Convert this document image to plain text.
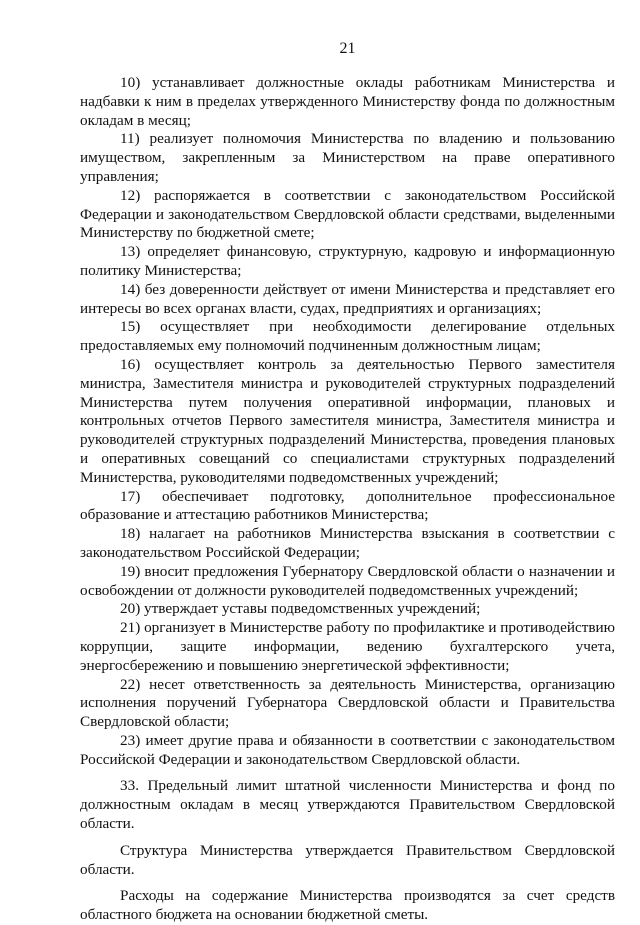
21

10) устанавливает должностные оклады работникам Министерства и надбавки к ним в пределах утвержденного Министерству фонда по должностным окладам в месяц;

11) реализует полномочия Министерства по владению и пользованию имуществом, закрепленным за Министерством на праве оперативного управления;

12) распоряжается в соответствии с законодательством Российской Федерации и законодательством Свердловской области средствами, выделенными Министерству по бюджетной смете;

13) определяет финансовую, структурную, кадровую и информационную политику Министерства;

14) без доверенности действует от имени Министерства и представляет его интересы во всех органах власти, судах, предприятиях и организациях;

15) осуществляет при необходимости делегирование отдельных предоставляемых ему полномочий подчиненным должностным лицам;

16) осуществляет контроль за деятельностью Первого заместителя министра, Заместителя министра и руководителей структурных подразделений Министерства путем получения оперативной информации, плановых и контрольных отчетов Первого заместителя министра, Заместителя министра и руководителей структурных подразделений Министерства, проведения плановых и оперативных совещаний со специалистами структурных подразделений Министерства, руководителями подведомственных учреждений;

17) обеспечивает подготовку, дополнительное профессиональное образование и аттестацию работников Министерства;

18) налагает на работников Министерства взыскания в соответствии с законодательством Российской Федерации;

19) вносит предложения Губернатору Свердловской области о назначении и освобождении от должности руководителей подведомственных учреждений;

20) утверждает уставы подведомственных учреждений;

21) организует в Министерстве работу по профилактике и противодействию коррупции, защите информации, ведению бухгалтерского учета, энергосбережению и повышению энергетической эффективности;

22) несет ответственность за деятельность Министерства, организацию исполнения поручений Губернатора Свердловской области и Правительства Свердловской области;

23) имеет другие права и обязанности в соответствии с законодательством Российской Федерации и законодательством Свердловской области.

33. Предельный лимит штатной численности Министерства и фонд по должностным окладам в месяц утверждаются Правительством Свердловской области.

Структура Министерства утверждается Правительством Свердловской области.

Расходы на содержание Министерства производятся за счет средств областного бюджета на основании бюджетной сметы.
